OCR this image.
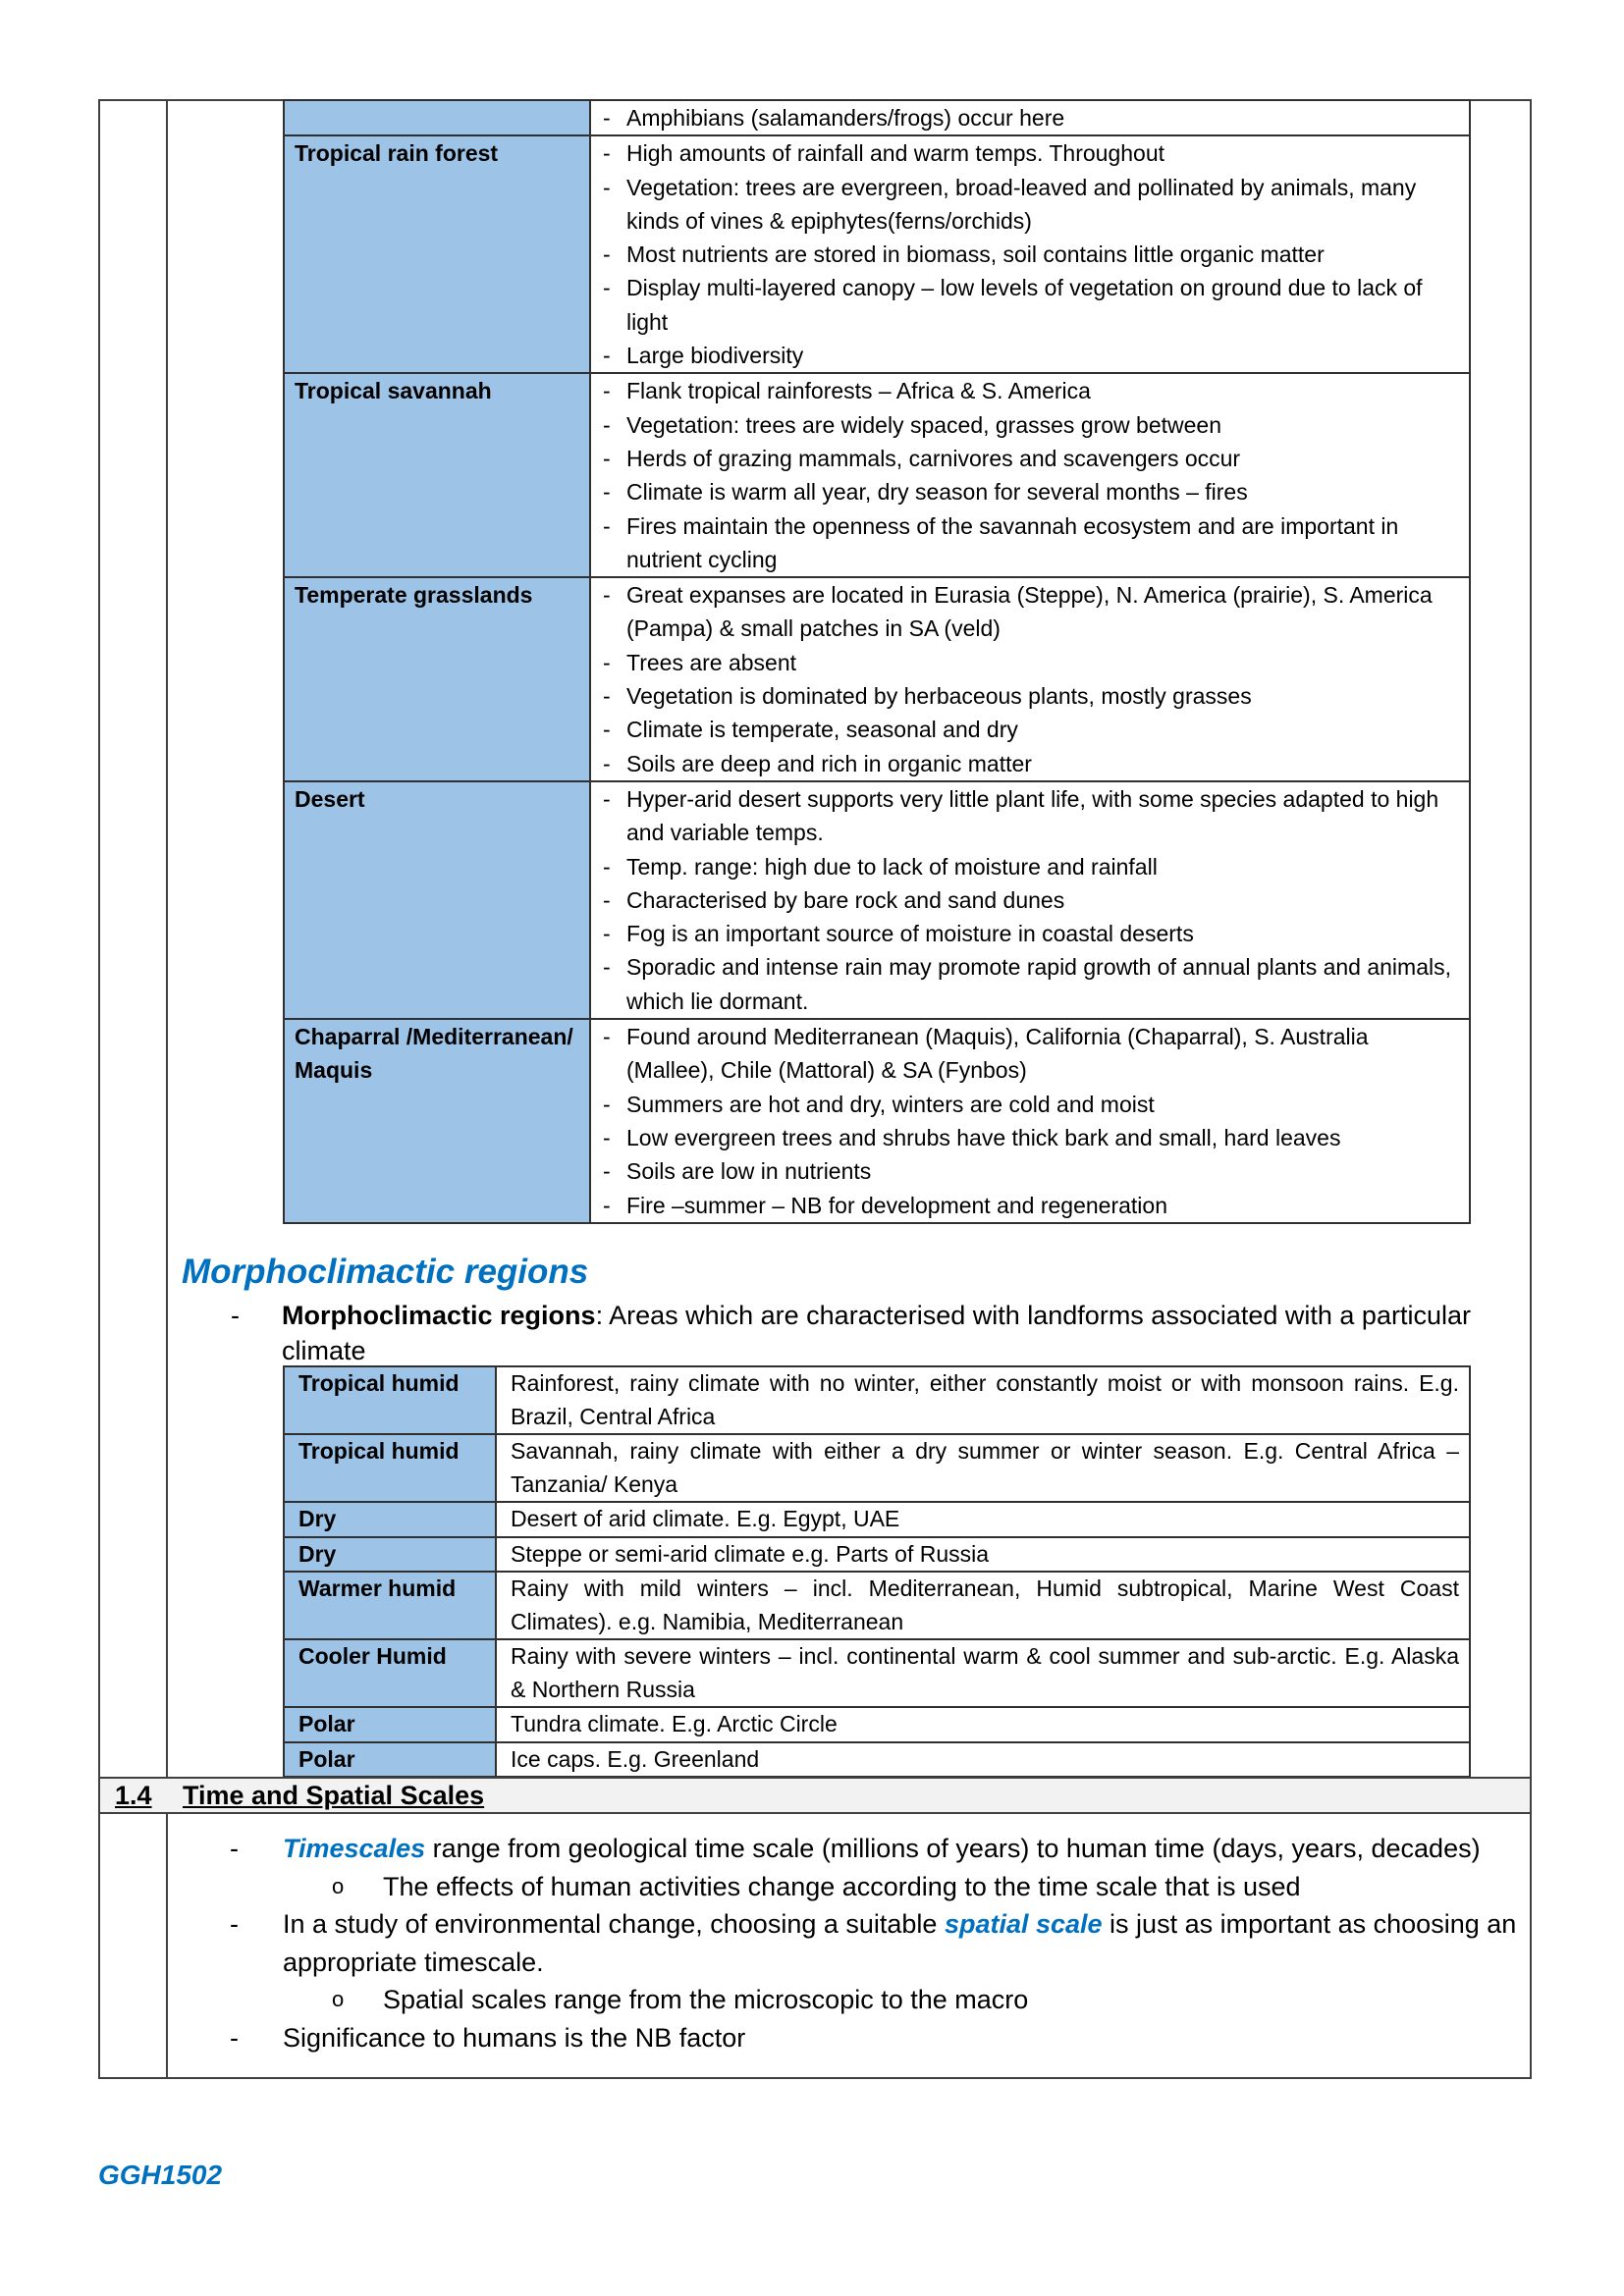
- Amphibians (salamanders/frogs) occur here

Tropical rain forest	
-High amounts of rainfall and warm temps. Throughout
- Vegetation: trees are evergreen, broad-leaved and pollinated by animals, many kinds of vines & epiphytes(ferns/orchids)
- Most nutrients are stored in biomass, soil contains little organic matter
- Display multi-layered canopy – low levels of vegetation on ground due to lack of light
- Large biodiversity

Tropical savannah	
-Flank tropical rainforests – Africa & S. America
- Vegetation: trees are widely spaced, grasses grow between
- Herds of grazing mammals, carnivores and scavengers occur
- Climate is warm all year, dry season for several months – fires
- Fires maintain the openness of the savannah ecosystem and are important in nutrient cycling

Temperate grasslands	
-Great expanses are located in Eurasia (Steppe), N. America (prairie), S. America (Pampa) & small patches in SA (veld)
- Trees are absent
- Vegetation is dominated by herbaceous plants, mostly grasses
- Climate is temperate, seasonal and dry
- Soils are deep and rich in organic matter

Desert	
-Hyper-arid desert supports very little plant life, with some species adapted to high and variable temps.
- Temp. range: high due to lack of moisture and rainfall
- Characterised by bare rock and sand dunes
- Fog is an important source of moisture in coastal deserts
- Sporadic and intense rain may promote rapid growth of annual plants and animals, which lie dormant.

Chaparral /Mediterranean/ Maquis	
- Found around Mediterranean (Maquis), California (Chaparral), S. Australia (Mallee), Chile (Mattoral) & SA (Fynbos)
- Summers are hot and dry, winters are cold and moist
- Low evergreen trees and shrubs have thick bark and small, hard leaves
- Soils are low in nutrients
- Fire –summer – NB for development and regeneration
Morphoclimactic regions
- Morphoclimactic regions: Areas which are characterised with landforms associated with a particular climate
Tropical humid	Rainforest, rainy climate with no winter, either constantly moist or with monsoon rains. E.g. Brazil, Central Africa
Tropical humid	Savannah, rainy climate with either a dry summer or winter season. E.g. Central Africa – Tanzania/ Kenya
Dry	Desert of arid climate. E.g. Egypt, UAE
Dry	Steppe or semi-arid climate e.g. Parts of Russia
Warmer humid	Rainy with mild winters – incl. Mediterranean, Humid subtropical, Marine West Coast Climates). e.g. Namibia, Mediterranean
Cooler Humid	Rainy with severe winters – incl. continental warm & cool summer and sub-arctic. E.g. Alaska & Northern Russia
Polar	Tundra climate. E.g. Arctic Circle
Polar	Ice caps. E.g. Greenland
1.4 Time and Spatial Scales
- Timescales range from geological time scale (millions of years) to human time (days, years, decades)
o The effects of human activities change according to the time scale that is used
- In a study of environmental change, choosing a suitable spatial scale is just as important as choosing an appropriate timescale.
o Spatial scales range from the microscopic to the macro
- Significance to humans is the NB factor
GGH1502
